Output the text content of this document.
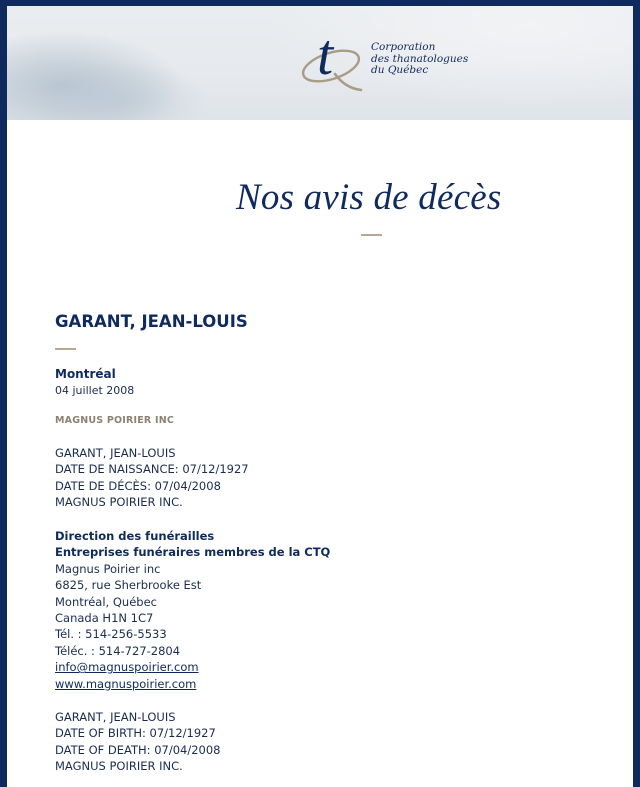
t	Corporation
des thanatologues
du Québec
Nos avis de décès
GARANT, JEAN-LOUIS
Montréal
04 juillet 2008
MAGNUS POIRIER INC
GARANT, JEAN-LOUIS
DATE DE NAISSANCE: 07/12/1927
DATE DE DÉCÈS: 07/04/2008
MAGNUS POIRIER INC.
Direction des funérailles
Entreprises funéraires membres de la CTQ
Magnus Poirier inc
6825, rue Sherbrooke Est
Montréal, Québec
Canada H1N 1C7
Tél. : 514-256-5533
Téléc. : 514-727-2804
info@magnuspoirier.com
www.magnuspoirier.com
GARANT, JEAN-LOUIS
DATE OF BIRTH: 07/12/1927
DATE OF DEATH: 07/04/2008
MAGNUS POIRIER INC.
